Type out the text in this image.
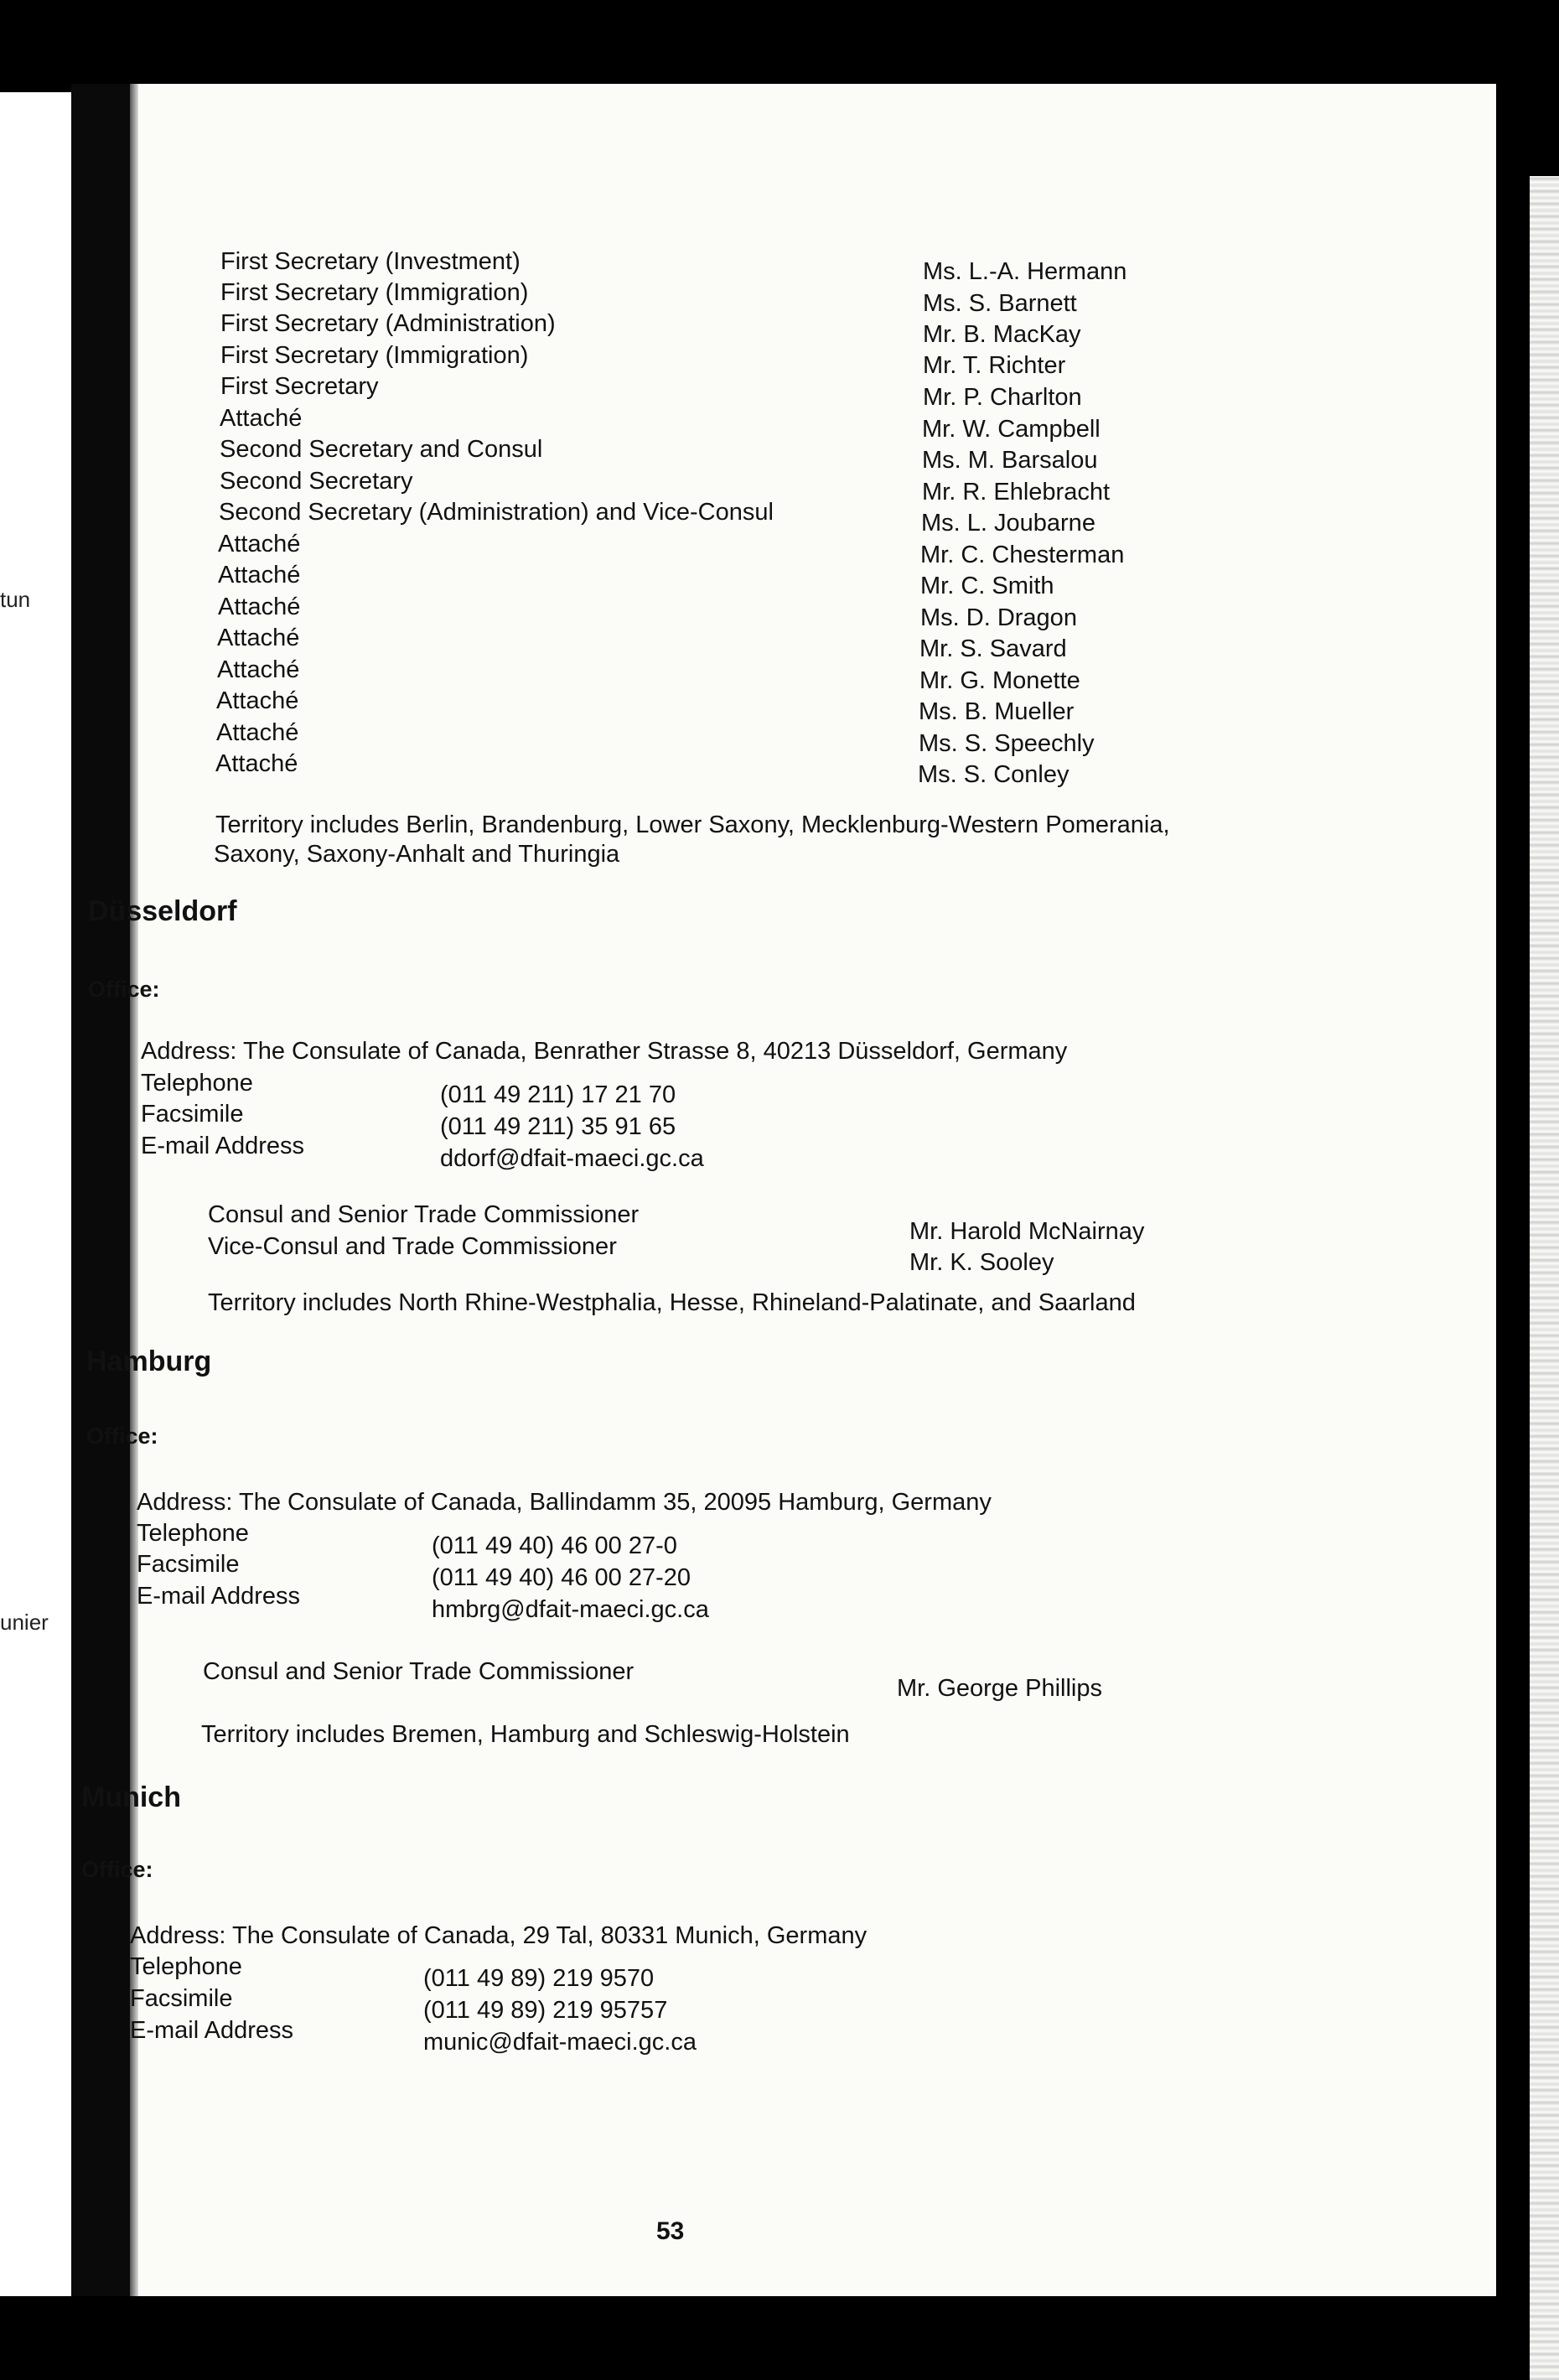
tun
unier
First Secretary (Investment)	Ms. L.-A. Hermann
First Secretary (Immigration)	Ms. S. Barnett
First Secretary (Administration)	Mr. B. MacKay
First Secretary (Immigration)	Mr. T. Richter
First Secretary	Mr. P. Charlton
Attaché	Mr. W. Campbell
Second Secretary and Consul	Ms. M. Barsalou
Second Secretary	Mr. R. Ehlebracht
Second Secretary (Administration) and Vice-Consul	Ms. L. Joubarne
Attaché	Mr. C. Chesterman
Attaché	Mr. C. Smith
Attaché	Ms. D. Dragon
Attaché	Mr. S. Savard
Attaché	Mr. G. Monette
Attaché	Ms. B. Mueller
Attaché	Ms. S. Speechly
Attaché	Ms. S. Conley
Territory includes Berlin, Brandenburg, Lower Saxony, Mecklenburg-Western Pomerania,
Saxony, Saxony-Anhalt and Thuringia
Düsseldorf
Office:
Address: The Consulate of Canada, Benrather Strasse 8, 40213 Düsseldorf, Germany
Telephone	(011 49 211) 17 21 70
Facsimile	(011 49 211) 35 91 65
E-mail Address	ddorf@dfait-maeci.gc.ca
Consul and Senior Trade Commissioner
Mr. Harold McNairnay
Vice-Consul and Trade Commissioner
Mr. K. Sooley
Territory includes North Rhine-Westphalia, Hesse, Rhineland-Palatinate, and Saarland
Hamburg
Office:
Address: The Consulate of Canada, Ballindamm 35, 20095 Hamburg, Germany
Telephone	(011 49 40) 46 00 27-0
Facsimile	(011 49 40) 46 00 27-20
E-mail Address	hmbrg@dfait-maeci.gc.ca
Consul and Senior Trade Commissioner
Mr. George Phillips
Territory includes Bremen, Hamburg and Schleswig-Holstein
Munich
Office:
Address: The Consulate of Canada, 29 Tal, 80331 Munich, Germany
Telephone	(011 49 89) 219 9570
Facsimile	(011 49 89) 219 95757
E-mail Address	munic@dfait-maeci.gc.ca
53
